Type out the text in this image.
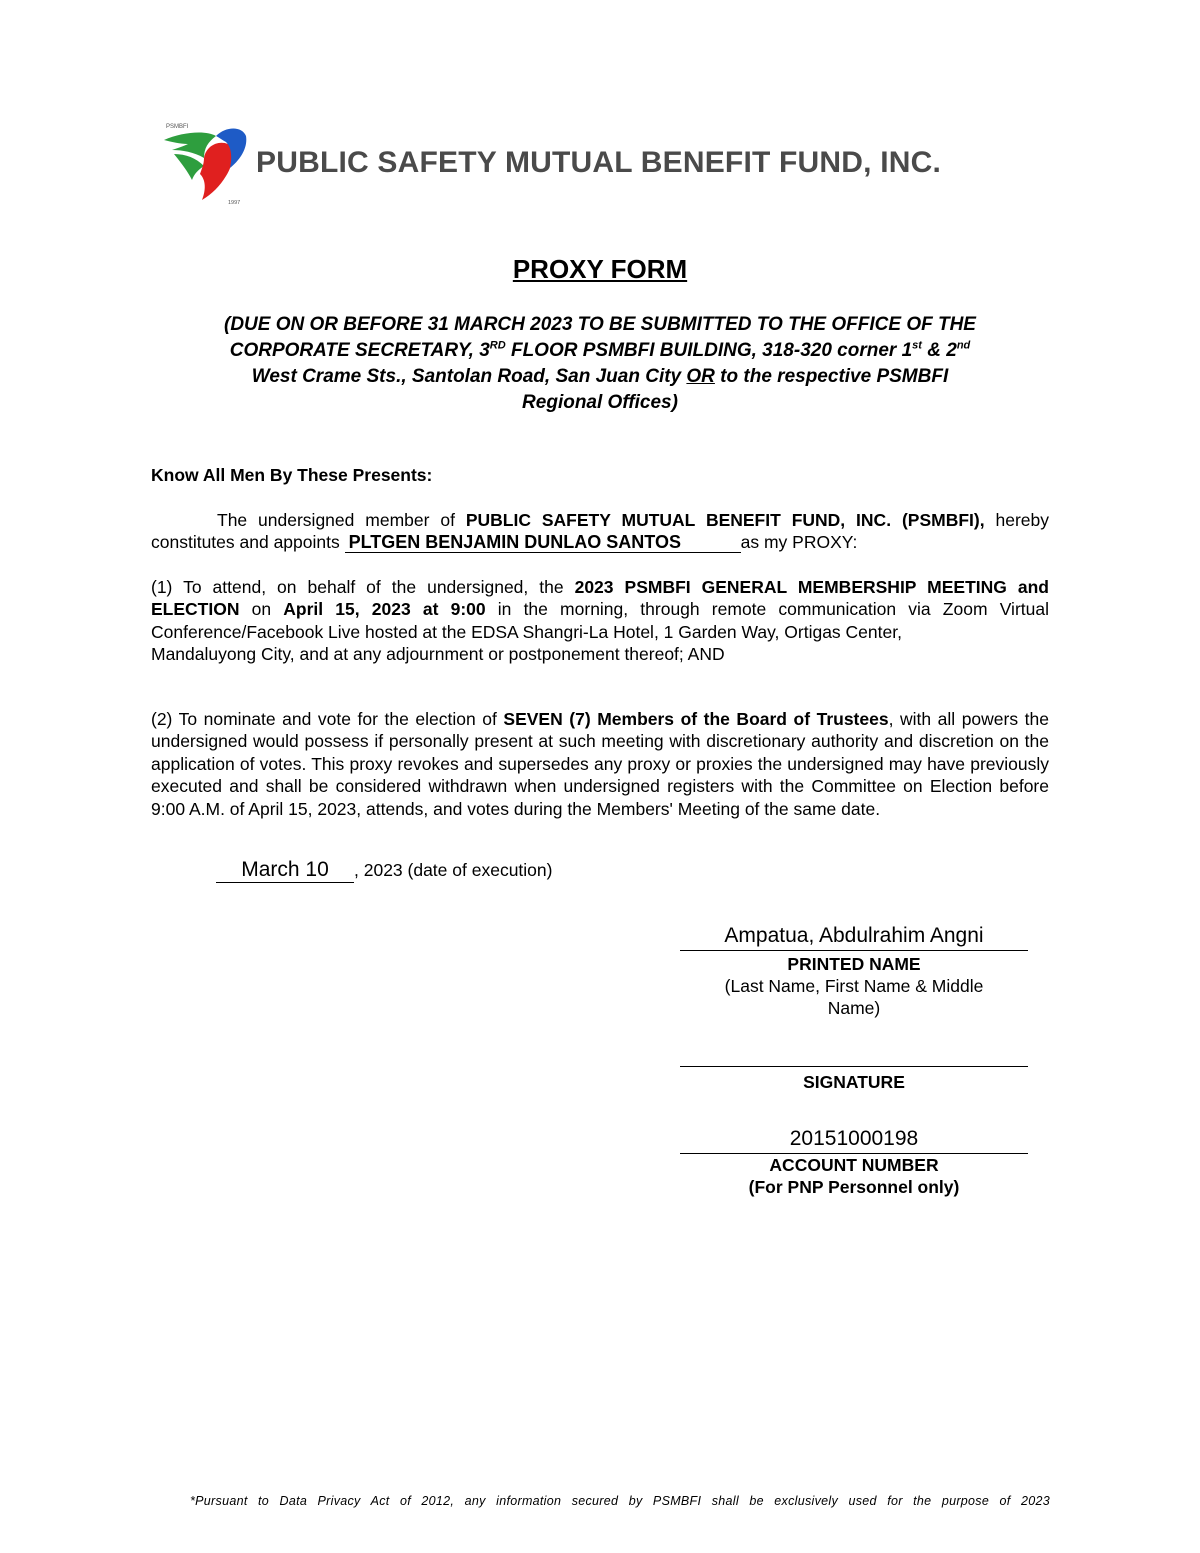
PSMBFI
1997
PUBLIC SAFETY MUTUAL BENEFIT FUND, INC.
PROXY FORM
(DUE ON OR BEFORE 31 MARCH 2023 TO BE SUBMITTED TO THE OFFICE OF THE
CORPORATE SECRETARY, 3RD FLOOR PSMBFI BUILDING, 318-320 corner 1st & 2nd
West Crame Sts., Santolan Road, San Juan City OR to the respective PSMBFI
Regional Offices)
Know All Men By These Presents:
The undersigned member of PUBLIC SAFETY MUTUAL BENEFIT FUND, INC. (PSMBFI), hereby constitutes and appoints PLTGEN BENJAMIN DUNLAO SANTOS	as my PROXY:
(1) To attend, on behalf of the undersigned, the 2023 PSMBFI GENERAL MEMBERSHIP MEETING and ELECTION on April 15, 2023 at 9:00 in the morning, through remote communication via Zoom Virtual Conference/Facebook Live hosted at the EDSA Shangri-La Hotel, 1 Garden Way, Ortigas Center,
Mandaluyong City, and at any adjournment or postponement thereof; AND
(2) To nominate and vote for the election of SEVEN (7) Members of the Board of Trustees, with all powers the undersigned would possess if personally present at such meeting with discretionary authority and discretion on the application of votes. This proxy revokes and supersedes any proxy or proxies the undersigned may have previously executed and shall be considered withdrawn when undersigned registers with the Committee on Election before 9:00 A.M. of April 15, 2023, attends, and votes during the Members' Meeting of the same date.
March 10 , 2023 (date of execution)
Ampatua, Abdulrahim Angni
PRINTED NAME
(Last Name, First Name & Middle
Name)
SIGNATURE
20151000198
ACCOUNT NUMBER
(For PNP Personnel only)
*Pursuant to Data Privacy Act of 2012, any information secured by PSMBFI shall be exclusively used for the purpose of 2023
